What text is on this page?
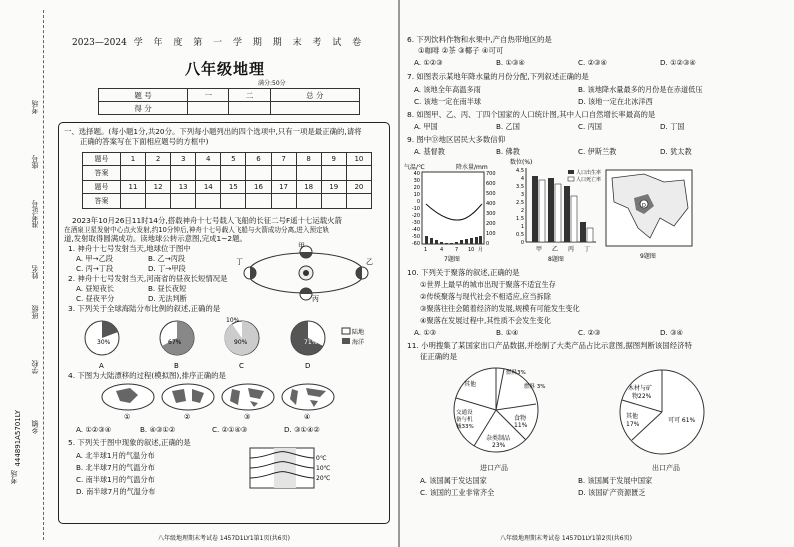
考场
444891A5701LY 乡镇
学校
班级
姓名
准考证号
座号
考场
2023—2024 学 年 度 第 一 学 期 期 末 考 试 卷
八年级地理
满分:50分
题 号	一	二	总 分
得 分			
一、选择题。(每小题1分,共20分。下列每小题列出的四个选项中,只有一项是最正确的,请将
正确的答案写在下面相应题号的方框中)
题号	1	2	3	4	5	6	7	8	9	10
答案										
题号	11	12	13	14	15	16	17	18	19	20
答案										
2023年10月26日11时14分,搭载神舟十七号载人飞船的长征二号F遥十七运载火箭
在酒泉卫星发射中心点火发射,约10分钟后,神舟十七号载人飞船与火箭成功分离,进入预定轨
道,发射取得圆满成功。读地球公转示意图,完成1~2题。
1. 神舟十七号发射当天,地球位于图中
A. 甲→乙段	B. 乙→丙段
C. 丙→丁段	D. 丁→甲段
2. 神舟十七号发射当天,河南省的昼夜长短情况是
A. 昼短夜长	B. 昼长夜短
C. 昼夜平分	D. 无法判断
甲
乙
丙
丁
3. 下列关于全球海陆分布比例的叙述,正确的是
30%
A
67%
B
10%
90%
C
71%
D
陆地
海洋
4. 下图为大陆漂移的过程(模拟图),排序正确的是
①	②	③	④
A. ①②③④	B. ④③①②	C. ②①④③	D. ③①④②
5. 下列关于图中现象的叙述,正确的是
A. 北半球1月的气温分布
B. 北半球7月的气温分布
C. 南半球1月的气温分布
D. 南半球7月的气温分布
0℃
10℃
20℃
八年级地理期末考试卷 1457D1LY1第1页(共6页)
6. 下列饮料作物和水果中,产自热带地区的是
①咖啡 ②茶 ③椰子 ④可可
A. ①②③	B. ①③④	C. ②③④	D. ①②③④
7. 如图表示某地年降水量的月份分配,下列叙述正确的是
A. 该地全年高温多雨	B. 该地降水量最多的月份是在赤道低压
C. 该地一定在南半球	D. 该地一定在北冰洋西
8. 如图甲、乙、丙、丁四个国家的人口统计图,其中人口自然增长率最高的是
A. 甲国	B. 乙国	C. 丙国	D. 丁国
9. 图中Ⓓ地区居民大多数信仰
A. 基督教	B. 佛教	C. 伊斯兰教	D. 犹太教
气温/℃	降水量/mm
40
30
20
10
0
-10
-20
-30
-40
-50
-60
700
600
500
400
300
200
100
0
1	4 7 10 月
7题图
数位(%)
人口出生率
人口死亡率
4.5
4
3.5
3
2.5
2
1.5
1
0.5
0
甲 乙 丙 丁
8题图
D
9题图
10. 下列关于聚落的叙述,正确的是
①世界上最早的城市出现于聚落不适宜生存
②传统聚落与现代社会不相适应,应当拆除
③聚落往往会随着经济的发展,规模有可能发生变化
④聚落在发展过程中,其性质不会发生变化
A. ①③	B. ①④	C. ②③	D. ③④
11. 小明搜集了某国家出口产品数据,并绘制了大类产品占比示意图,据图判断该国经济特
征正确的是
燃料3%
其他
交通设
备与机
械33%
食物
11%
杂类制品
23%
燃料 3%
进口产品
木材与矿
物22%
其他
17%
可可 61%
出口产品
A. 该国属于发达国家	B. 该国属于发展中国家
C. 该国的工业非常齐全	D. 该国矿产资源匮乏
八年级地理期末考试卷 1457D1LY1第2页(共6页)
